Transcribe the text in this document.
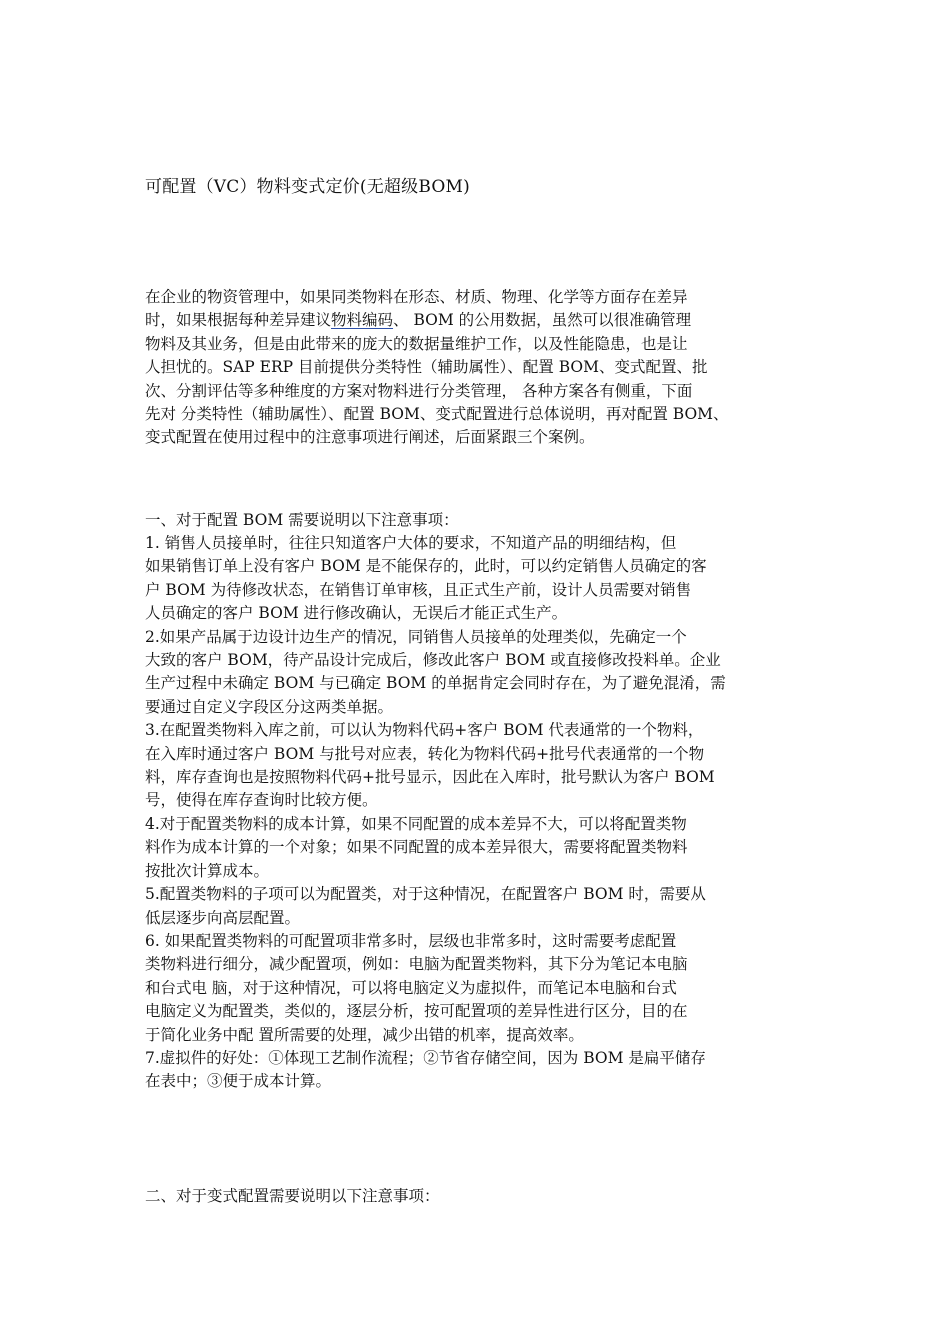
可配置（VC）物料变式定价(无超级BOM)
在企业的物资管理中，如果同类物料在形态、材质、物理、化学等方面存在差异
时，如果根据每种差异建议物料编码、 BOM 的公用数据，虽然可以很准确管理
物料及其业务，但是由此带来的庞大的数据量维护工作，以及性能隐患，也是让
人担忧的。SAP ERP 目前提供分类特性（辅助属性）、配置 BOM、变式配置、批
次、分割评估等多种维度的方案对物料进行分类管理， 各种方案各有侧重，下面
先对 分类特性（辅助属性）、配置 BOM、变式配置进行总体说明，再对配置 BOM、
变式配置在使用过程中的注意事项进行阐述，后面紧跟三个案例。
一、对于配置 BOM 需要说明以下注意事项：
1. 销售人员接单时，往往只知道客户大体的要求，不知道产品的明细结构，但
如果销售订单上没有客户 BOM 是不能保存的，此时，可以约定销售人员确定的客
户 BOM 为待修改状态，在销售订单审核，且正式生产前，设计人员需要对销售
人员确定的客户 BOM 进行修改确认，无误后才能正式生产。
2.如果产品属于边设计边生产的情况，同销售人员接单的处理类似，先确定一个
大致的客户 BOM，待产品设计完成后，修改此客户 BOM 或直接修改投料单。企业
生产过程中未确定 BOM 与已确定 BOM 的单据肯定会同时存在，为了避免混淆，需
要通过自定义字段区分这两类单据。
3.在配置类物料入库之前，可以认为物料代码+客户 BOM 代表通常的一个物料，
在入库时通过客户 BOM 与批号对应表，转化为物料代码+批号代表通常的一个物
料，库存查询也是按照物料代码+批号显示，因此在入库时，批号默认为客户 BOM
号，使得在库存查询时比较方便。
4.对于配置类物料的成本计算，如果不同配置的成本差异不大，可以将配置类物
料作为成本计算的一个对象；如果不同配置的成本差异很大，需要将配置类物料
按批次计算成本。
5.配置类物料的子项可以为配置类，对于这种情况，在配置客户 BOM 时，需要从
低层逐步向高层配置。
6. 如果配置类物料的可配置项非常多时，层级也非常多时，这时需要考虑配置
类物料进行细分，减少配置项，例如：电脑为配置类物料，其下分为笔记本电脑
和台式电 脑，对于这种情况，可以将电脑定义为虚拟件，而笔记本电脑和台式
电脑定义为配置类，类似的，逐层分析，按可配置项的差异性进行区分，目的在
于简化业务中配 置所需要的处理，减少出错的机率，提高效率。
7.虚拟件的好处：①体现工艺制作流程；②节省存储空间，因为 BOM 是扁平储存
在表中；③便于成本计算。
二、对于变式配置需要说明以下注意事项：
